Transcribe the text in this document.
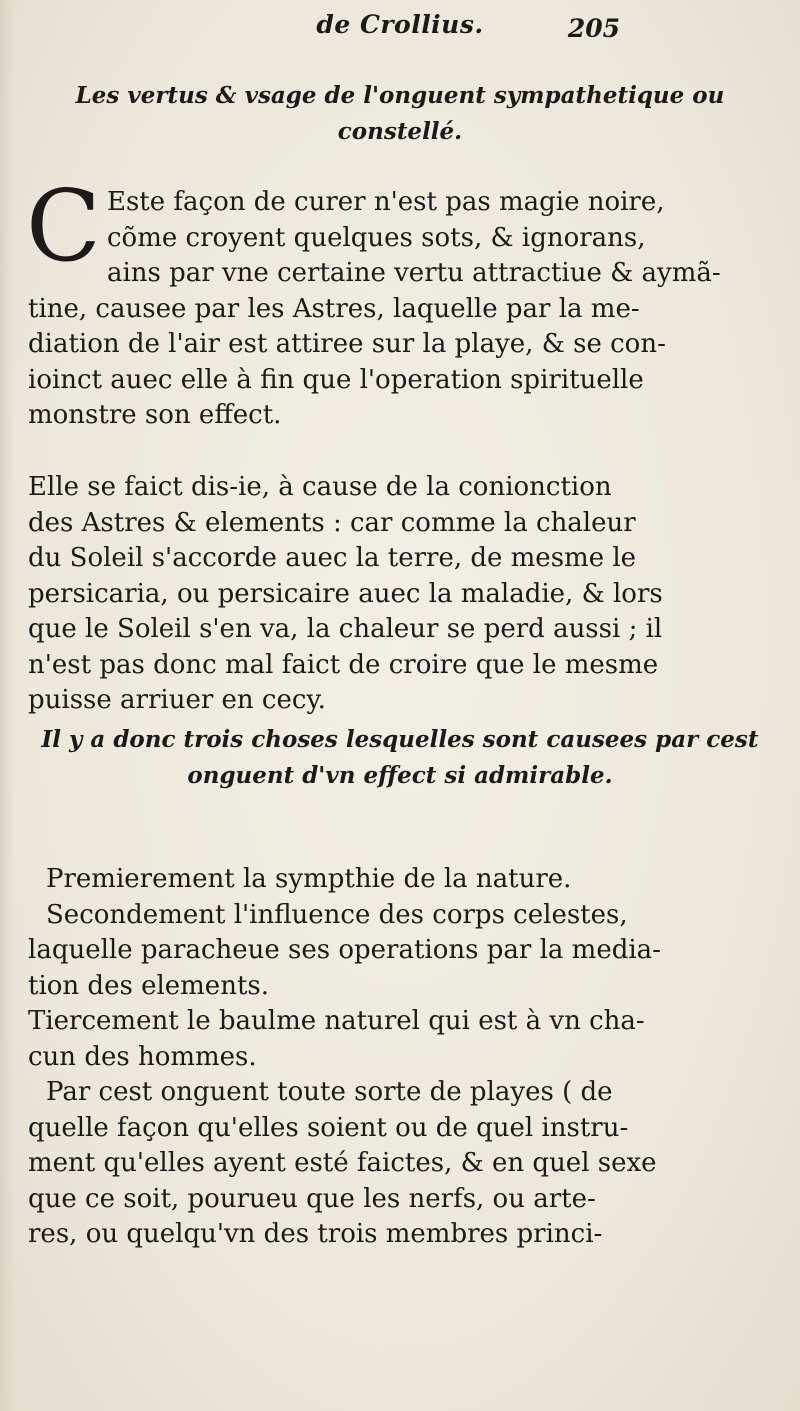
de Crollius.	205
Les vertus & vsage de l'onguent sympathetique ou
constellé.
C Este façon de curer n'est pas magie noire,

cõme croyent quelques sots, & ignorans,

ains par vne certaine vertu attractiue & aymã-

tine, causee par les Astres, laquelle par la me-

diation de l'air est attiree sur la playe, & se con-

ioinct auec elle à fin que l'operation spirituelle

monstre son effect.

Elle se faict dis-ie, à cause de la conionction

des Astres & elements : car comme la chaleur

du Soleil s'accorde auec la terre, de mesme le

persicaria, ou persicaire auec la maladie, & lors

que le Soleil s'en va, la chaleur se perd aussi ; il

n'est pas donc mal faict de croire que le mesme

puisse arriuer en cecy.

Il y a donc trois choses lesquelles sont causees par cest
onguent d'vn effect si admirable.

Premierement la sympthie de la nature.

Secondement l'influence des corps celestes,

laquelle paracheue ses operations par la media-

tion des elements.

Tiercement le baulme naturel qui est à vn cha-

cun des hommes.

Par cest onguent toute sorte de playes ( de

quelle façon qu'elles soient ou de quel instru-

ment qu'elles ayent esté faictes, & en quel sexe

que ce soit, pourueu que les nerfs, ou arte-

res, ou quelqu'vn des trois membres princi-
